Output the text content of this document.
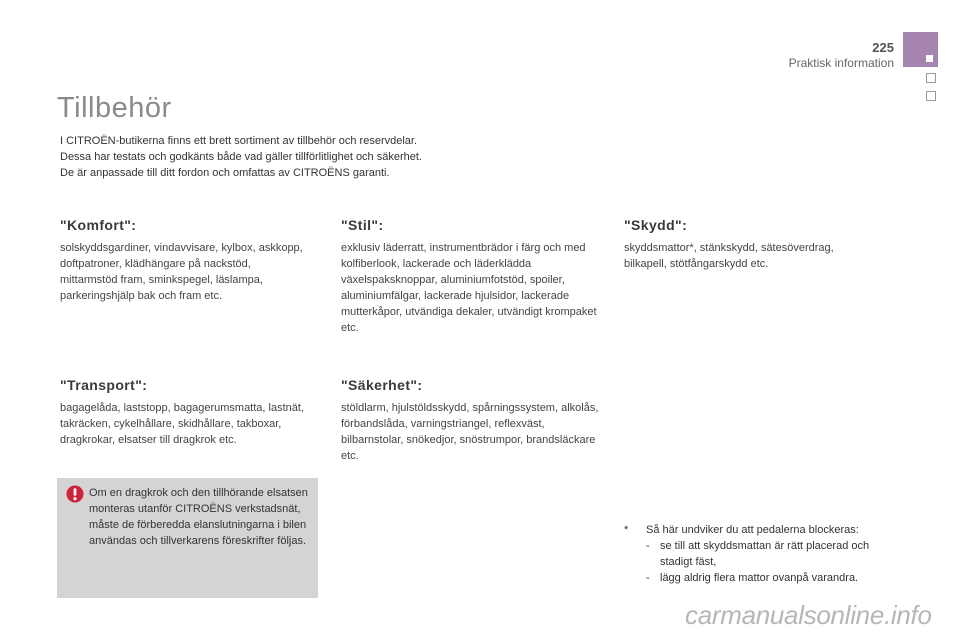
225
Praktisk information
Tillbehör

I CITROËN-butikerna finns ett brett sortiment av tillbehör och reservdelar.

Dessa har testats och godkänts både vad gäller tillförlitlighet och säkerhet.

De är anpassade till ditt fordon och omfattas av CITROËNS garanti.

"Komfort":
solskyddsgardiner, vindavvisare, kylbox, askkopp, doftpatroner, klädhängare på nackstöd, mittarmstöd fram, sminkspegel, läslampa, parkeringshjälp bak och fram etc.
"Transport":
bagagelåda, laststopp, bagagerumsmatta, lastnät, takräcken, cykelhållare, skidhållare, takboxar, dragkrokar, elsatser till dragkrok etc.
Om en dragkrok och den tillhörande elsatsen monteras utanför CITROËNS verkstadsnät, måste de förberedda elanslutningarna i bilen användas och tillverkarens föreskrifter följas.
"Stil":
exklusiv läderratt, instrumentbrädor i färg och med kolfiberlook, lackerade och läderklädda växelspaksknoppar, aluminiumfotstöd, spoiler, aluminiumfälgar, lackerade hjulsidor, lackerade mutterkåpor, utvändiga dekaler, utvändigt krompaket etc.
"Säkerhet":
stöldlarm, hjulstöldsskydd, spårningssystem, alkolås, förbandslåda, varningstriangel, reflexväst, bilbarnstolar, snökedjor, snöstrumpor, brandsläckare etc.
"Skydd":
skyddsmattor*, stänkskydd, sätesöverdrag, bilkapell, stötfångarskydd etc.
* Så här undviker du att pedalerna blockeras:
- se till att skyddsmattan är rätt placerad och stadigt fäst,
- lägg aldrig flera mattor ovanpå varandra.
carmanualsonline.info
